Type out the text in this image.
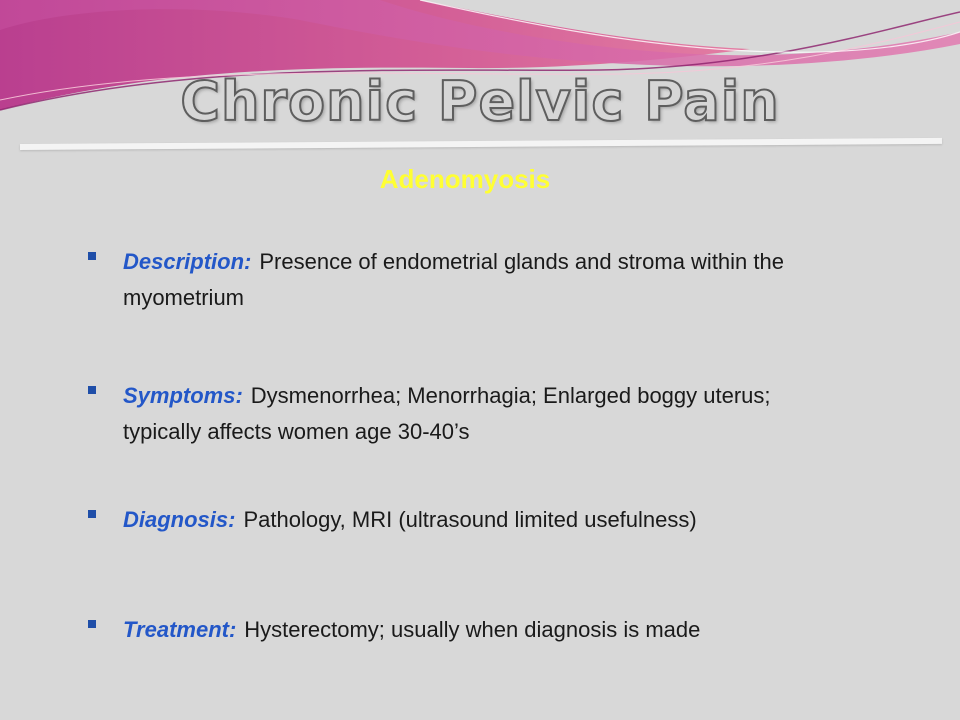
Chronic Pelvic Pain
Adenomyosis
Description: Presence of endometrial glands and stroma within the myometrium
Symptoms: Dysmenorrhea; Menorrhagia; Enlarged boggy uterus; typically affects women age 30-40’s
Diagnosis: Pathology, MRI (ultrasound limited usefulness)
Treatment: Hysterectomy; usually when diagnosis is made
